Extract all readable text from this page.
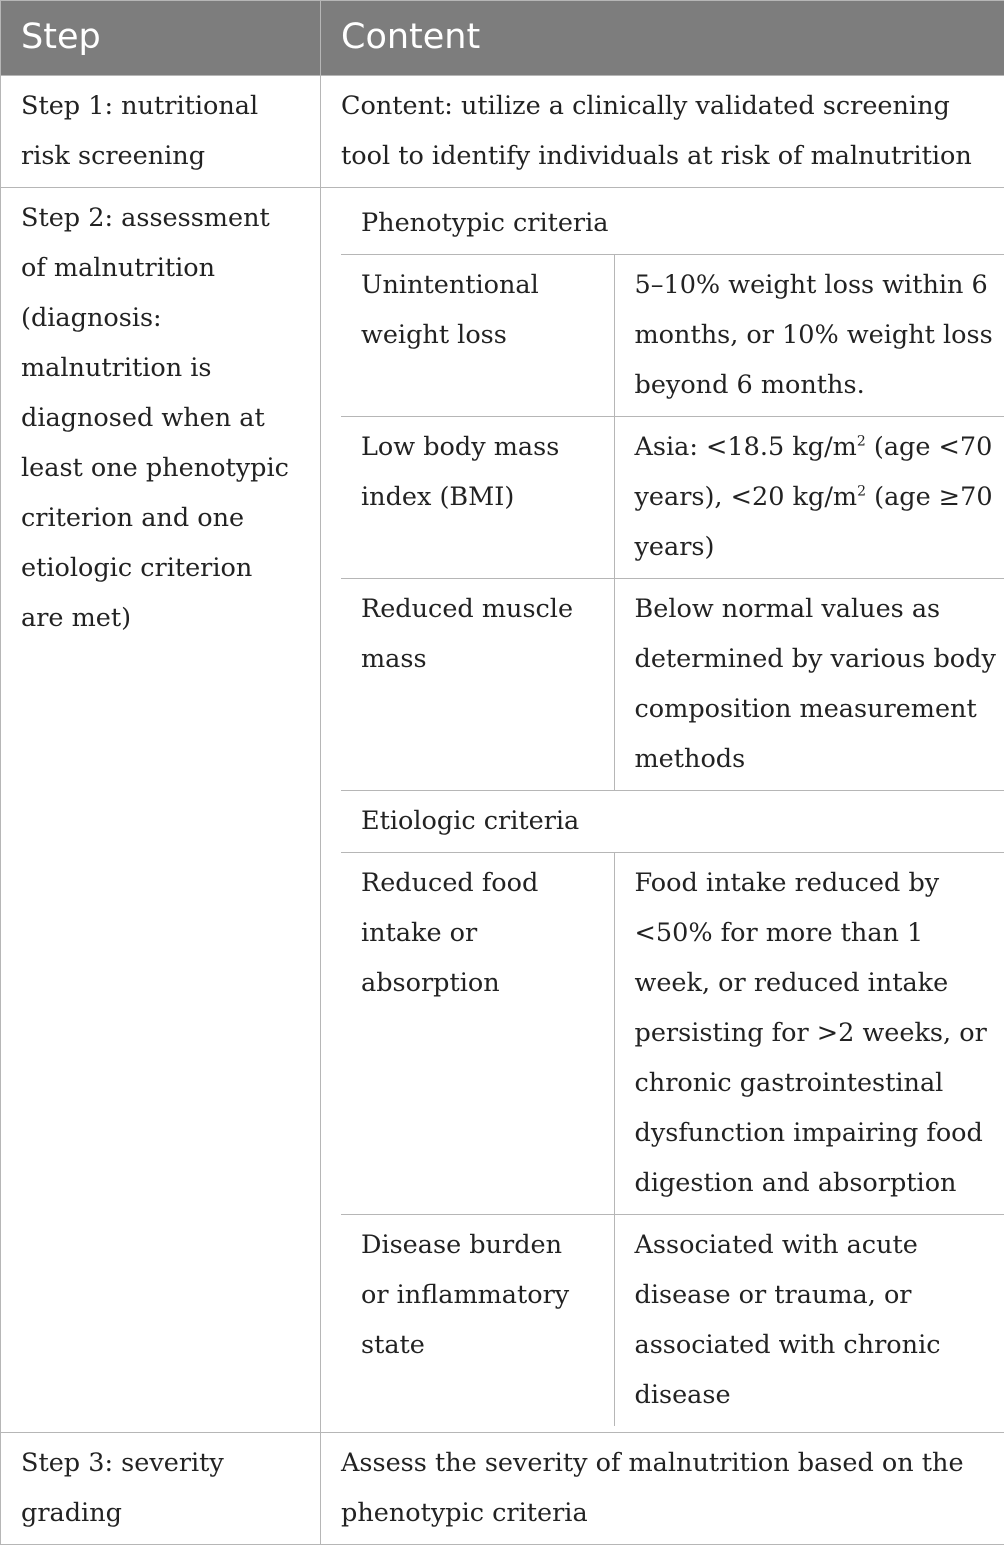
Step	Content
Step 1: nutritional risk screening	Content: utilize a clinically validated screening tool to identify individuals at risk of malnutrition
Step 2: assessment of malnutrition (diagnosis: malnutrition is diagnosed when at least one phenotypic criterion and one etiologic criterion are met)	
Phenotypic criteria
Unintentional weight loss	5–10% weight loss within 6 months, or 10% weight loss beyond 6 months.
Low body mass index (BMI)	Asia: <18.5 $kg/m^2$ (age <70 years), <20 $kg/m^2$ (age ≥70 years)
Reduced muscle mass	Below normal values as determined by various body composition measurement methods
Etiologic criteria
Reduced food intake or absorption	Food intake reduced by <50% for more than 1 week, or reduced intake persisting for >2 weeks, or chronic gastrointestinal dysfunction impairing food digestion and absorption
Disease burden or inflammatory state	Associated with acute disease or trauma, or associated with chronic disease

Step 3: severity grading	Assess the severity of malnutrition based on the phenotypic criteria
